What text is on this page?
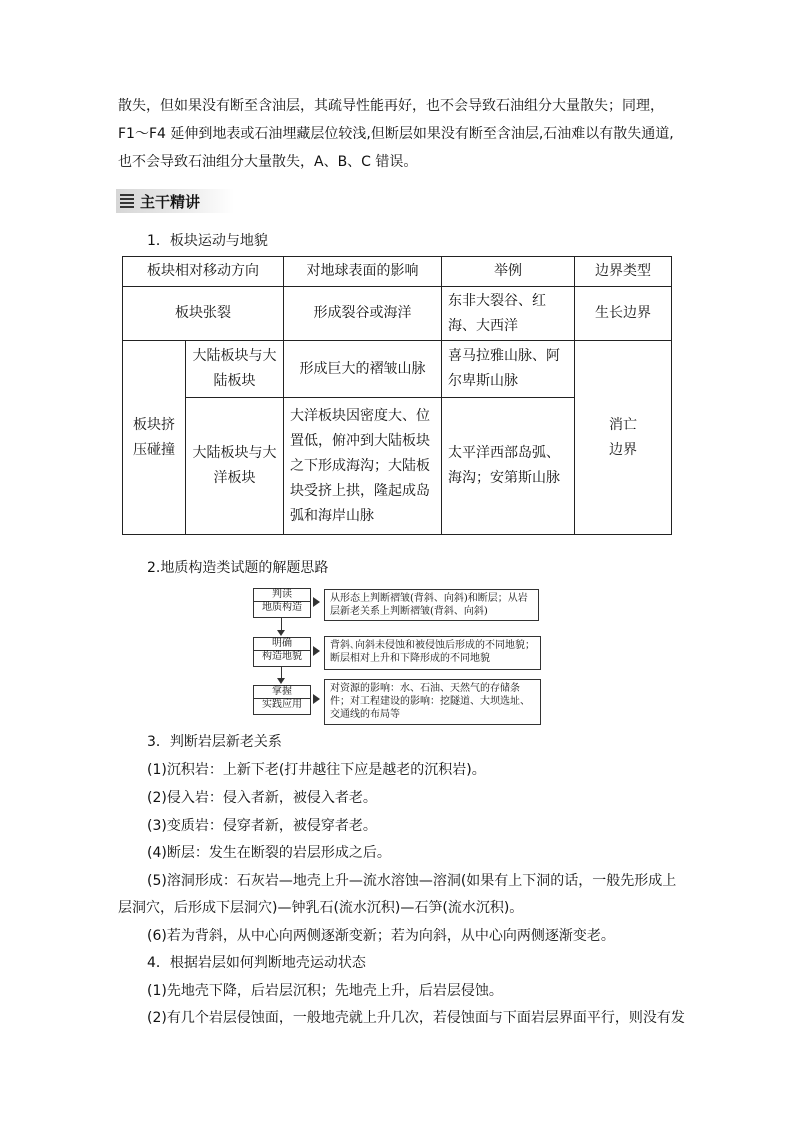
散失，但如果没有断至含油层，其疏导性能再好，也不会导致石油组分大量散失；同理，
F1～F4 延伸到地表或石油埋藏层位较浅,但断层如果没有断至含油层,石油难以有散失通道,
也不会导致石油组分大量散失，A、B、C 错误。
主干精讲
1．板块运动与地貌
板块相对移动方向		对地球表面的影响	举例	边界类型
板块张裂		形成裂谷或海洋	东非大裂谷、红海、大西洋	生长边界
板块挤压碰撞	大陆板块与大陆板块	形成巨大的褶皱山脉	喜马拉雅山脉、阿尔卑斯山脉	消亡边界
	大陆板块与大洋板块	大洋板块因密度大、位置低，俯冲到大陆板块之下形成海沟；大陆板块受挤上拱，隆起成岛弧和海岸山脉	太平洋西部岛弧、海沟；安第斯山脉	
2.地质构造类试题的解题思路
判读
地质构造
从形态上判断褶皱(背斜、向斜)和断层；从岩层新老关系上判断褶皱(背斜、向斜)
明确
构造地貌
背斜､向斜未侵蚀和被侵蚀后形成的不同地貌；断层相对上升和下降形成的不同地貌
掌握
实践应用
对资源的影响：水、石油、天然气的存储条件；对工程建设的影响：挖隧道、大坝选址、交通线的布局等
3．判断岩层新老关系
(1)沉积岩：上新下老(打井越往下应是越老的沉积岩)。
(2)侵入岩：侵入者新，被侵入者老。
(3)变质岩：侵穿者新，被侵穿者老。
(4)断层：发生在断裂的岩层形成之后。
(5)溶洞形成：石灰岩—地壳上升—流水溶蚀—溶洞(如果有上下洞的话，一般先形成上
层洞穴，后形成下层洞穴)—钟乳石(流水沉积)—石笋(流水沉积)。
(6)若为背斜，从中心向两侧逐渐变新；若为向斜，从中心向两侧逐渐变老。
4．根据岩层如何判断地壳运动状态
(1)先地壳下降，后岩层沉积；先地壳上升，后岩层侵蚀。
(2)有几个岩层侵蚀面，一般地壳就上升几次，若侵蚀面与下面岩层界面平行，则没有发
